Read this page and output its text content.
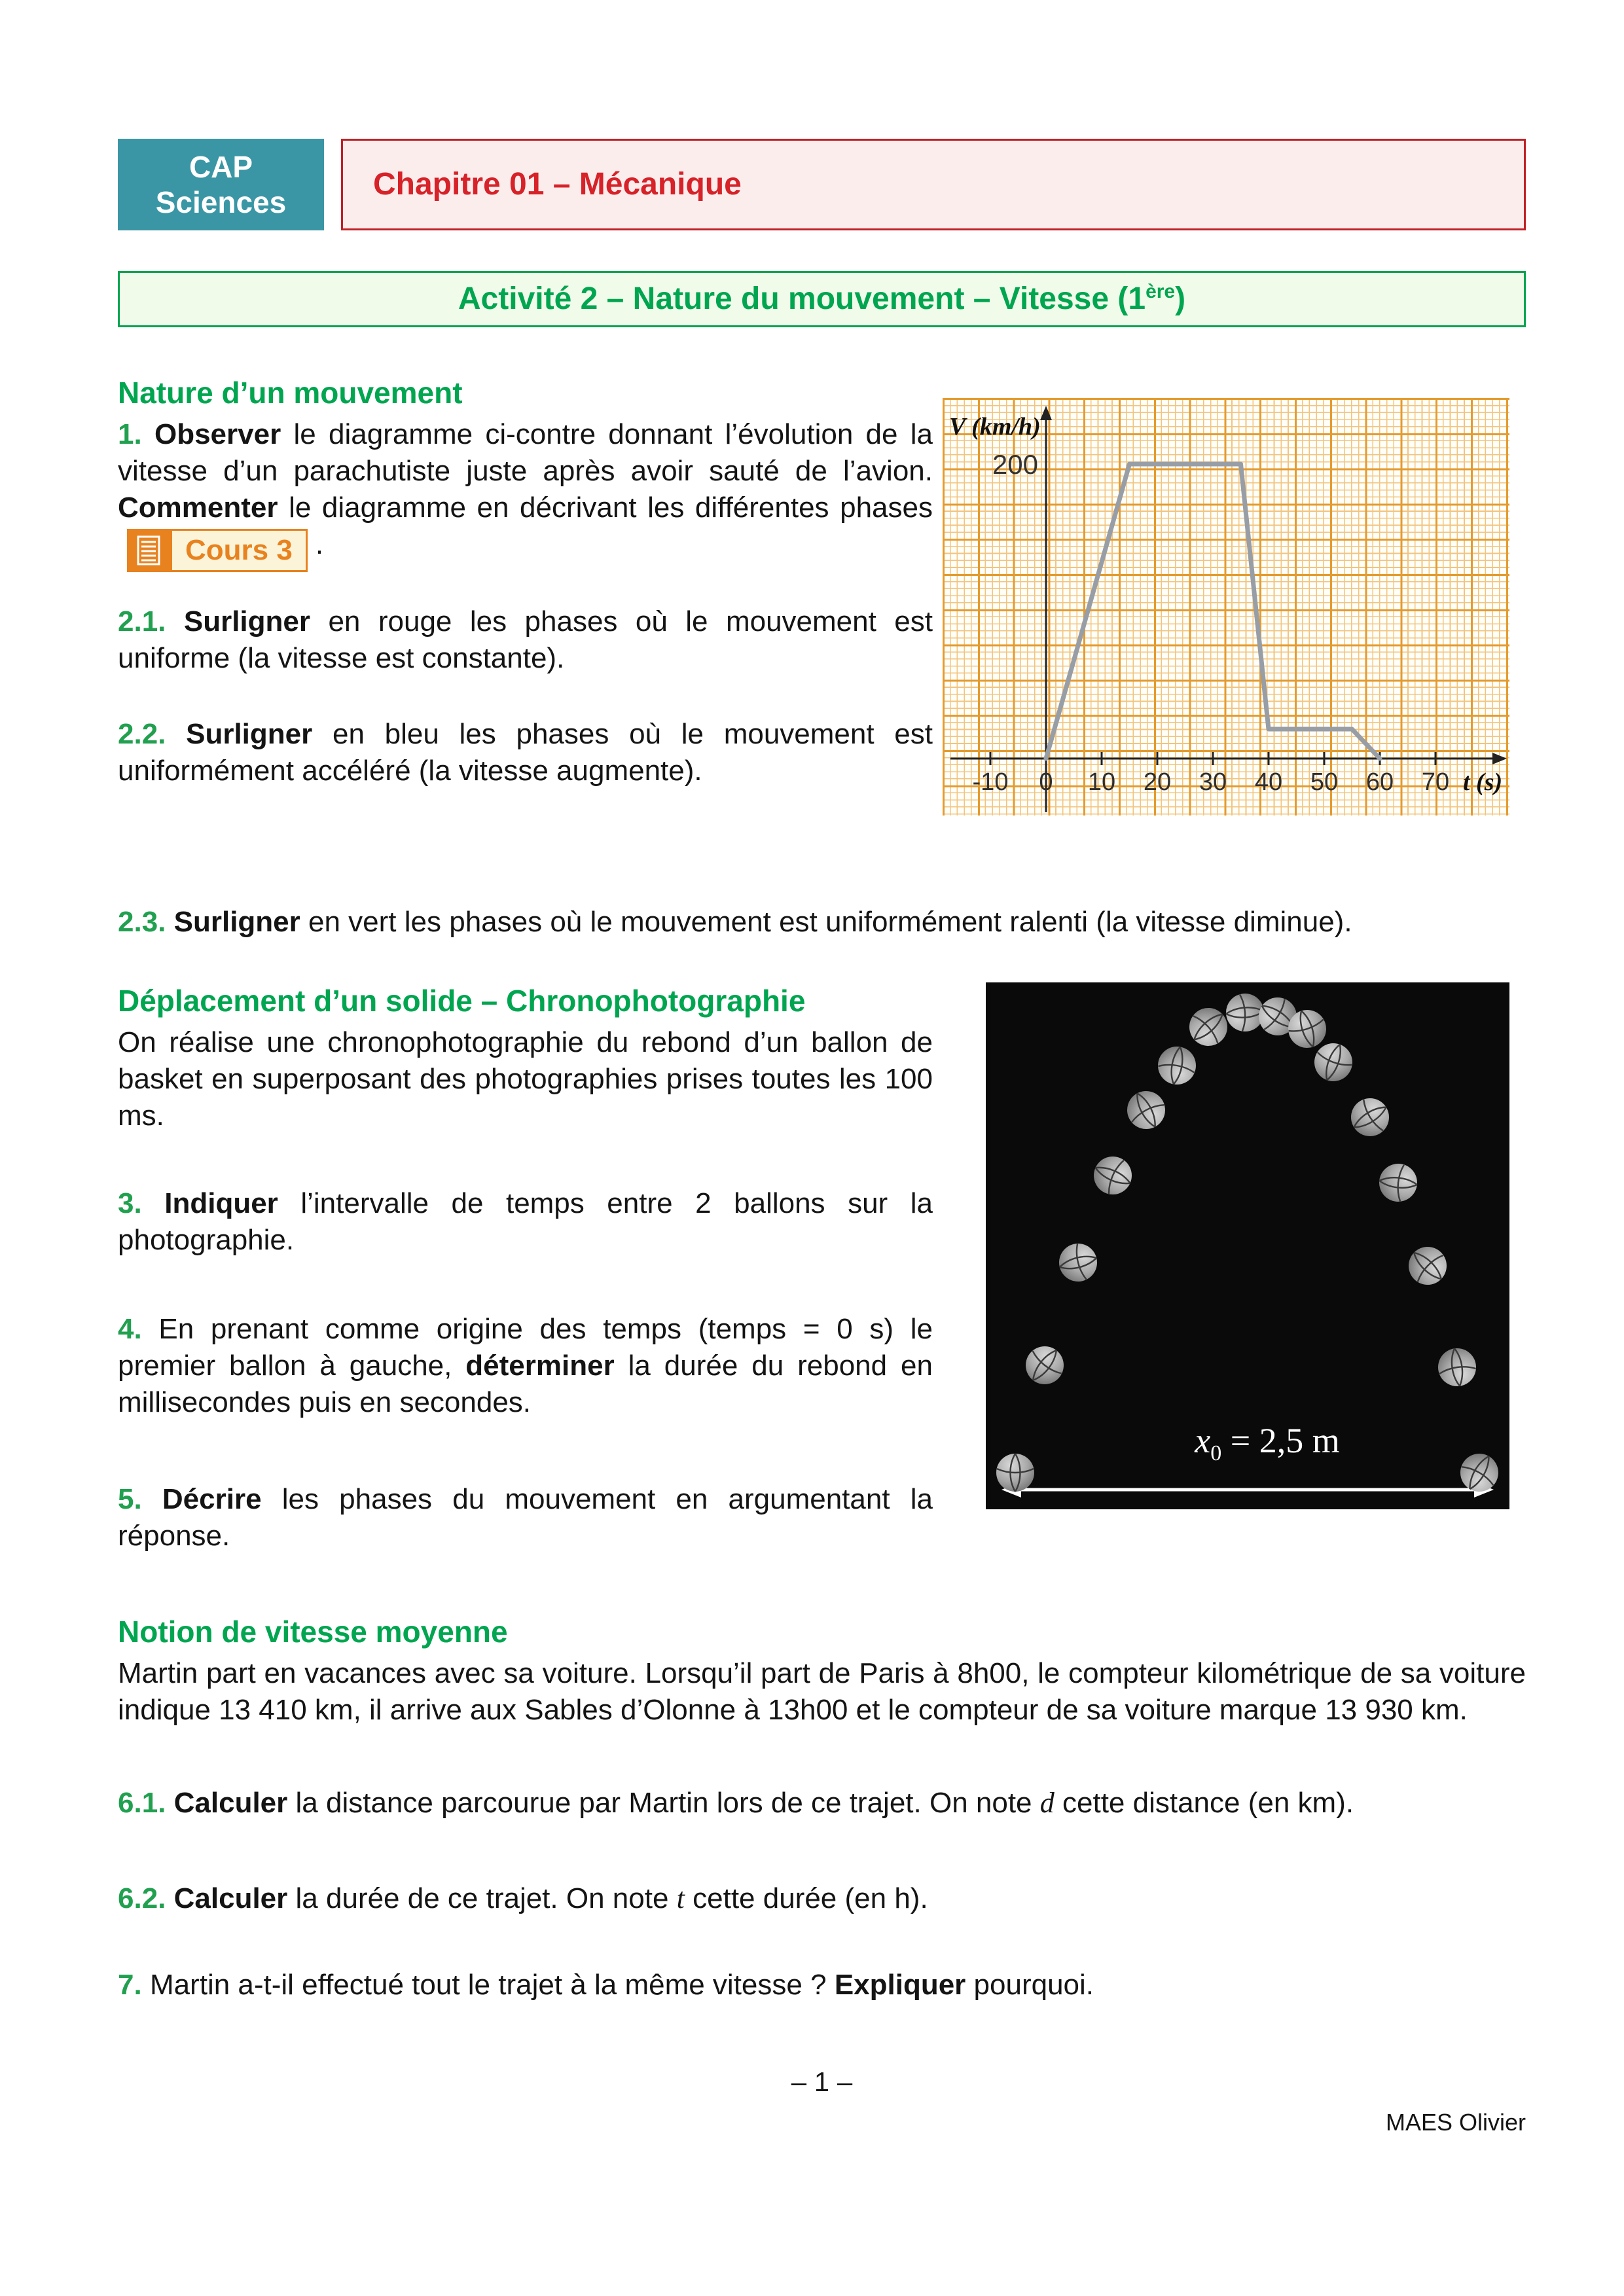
CAP
Sciences
Chapitre 01 – Mécanique
Activité 2 – Nature du mouvement – Vitesse (1ère)

Nature d’un mouvement

1. Observer le diagramme ci-contre donnant l’évolution de la vitesse d’un parachutiste juste après avoir sauté de l’avion. Commenter le diagramme en décrivant les différentes phases
Cours 3 .

2.1. Surligner en rouge les phases où le mouvement est uniforme (la vitesse est constante).

2.2. Surligner en bleu les phases où le mouvement est uniformément accéléré (la vitesse augmente).	-10 0 10 20 30 40 50 60 70 t (s)
V (km/h)
200

2.3. Surligner en vert les phases où le mouvement est uniformément ralenti (la vitesse diminue).

Déplacement d’un solide – Chronophotographie

On réalise une chronophotographie du rebond d’un ballon de basket en superposant des photographies prises toutes les 100 ms.

3. Indiquer l’intervalle de temps entre 2 ballons sur la photographie.

4. En prenant comme origine des temps (temps = 0 s) le premier ballon à gauche, déterminer la durée du rebond en millisecondes puis en secondes.

5. Décrire les phases du mouvement en argumentant la réponse.

$x_0 = 2,5$ m

Notion de vitesse moyenne

Martin part en vacances avec sa voiture. Lorsqu’il part de Paris à 8h00, le compteur kilométrique de sa voiture indique 13 410 km, il arrive aux Sables d’Olonne à 13h00 et le compteur de sa voiture marque 13 930 km.

6.1. Calculer la distance parcourue par Martin lors de ce trajet. On note d cette distance (en km).

6.2. Calculer la durée de ce trajet. On note t cette durée (en h).

7. Martin a-t-il effectué tout le trajet à la même vitesse ? Expliquer pourquoi.

– 1 –
MAES Olivier
